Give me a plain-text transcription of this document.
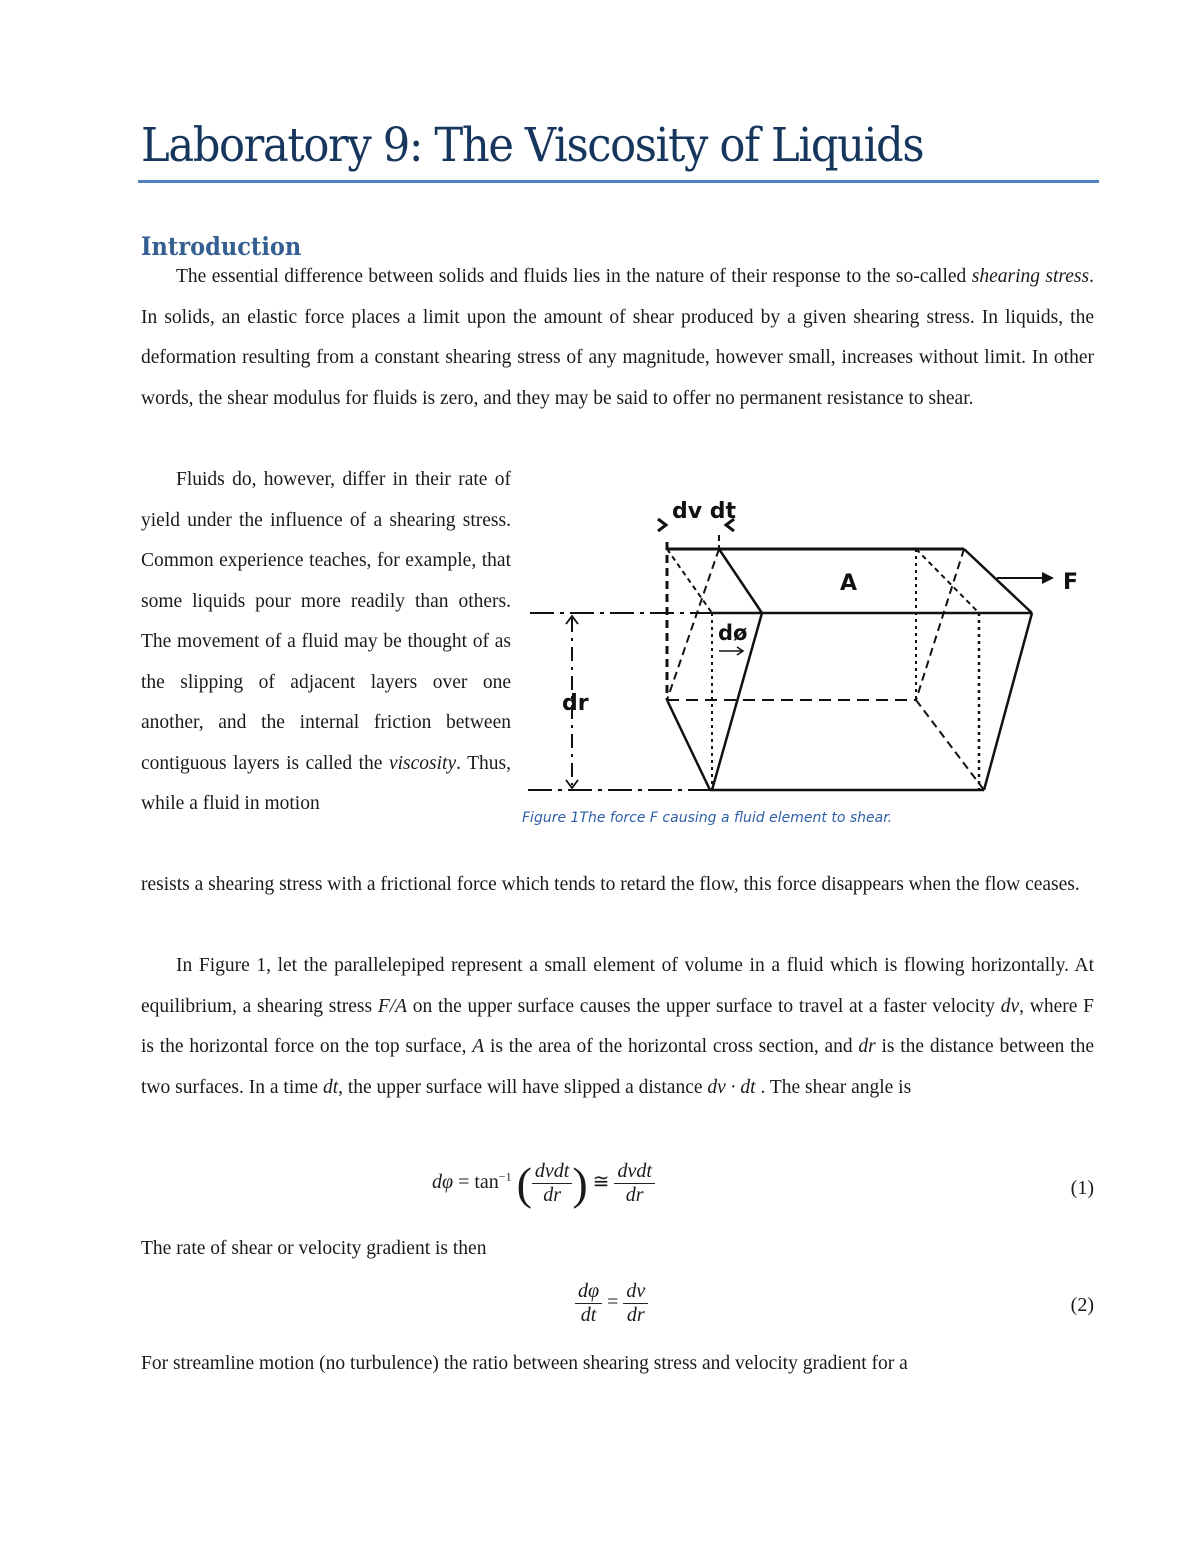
Laboratory 9: The Viscosity of Liquids
Introduction

The essential difference between solids and fluids lies in the nature of their response to the so-called shearing stress. In solids, an elastic force places a limit upon the amount of shear produced by a given shearing stress. In liquids, the deformation resulting from a constant shearing stress of any magnitude, however small, increases without limit. In other words, the shear modulus for fluids is zero, and they may be said to offer no permanent resistance to shear.

Fluids do, however, differ in their rate of yield under the influence of a shearing stress. Common experience teaches, for example, that some liquids pour more readily than others. The movement of a fluid may be thought of as the slipping of adjacent layers over one another, and the internal friction between contiguous layers is called the viscosity. Thus, while a fluid in motion

dv dt
A	F
dø
dr
Figure 1The force F causing a fluid element to shear.

resists a shearing stress with a frictional force which tends to retard the flow, this force disappears when the flow ceases.

In Figure 1, let the parallelepiped represent a small element of volume in a fluid which is flowing horizontally. At equilibrium, a shearing stress F/A on the upper surface causes the upper surface to travel at a faster velocity dv, where F is the horizontal force on the top surface, A is the area of the horizontal cross section, and dr is the distance between the two surfaces. In a time dt, the upper surface will have slipped a distance dv · dt . The shear angle is

$d\varphi = \tan^{-1}$ ( $\frac{\text{dvdt}}{dr}$ ) ≅ $\frac{\text{dvdt}}{dr}$	(1)
The rate of shear or velocity gradient is then
$\frac{d\varphi}{dt} = \frac{dv}{dr}$	(2)
For streamline motion (no turbulence) the ratio between shearing stress and velocity gradient for a
